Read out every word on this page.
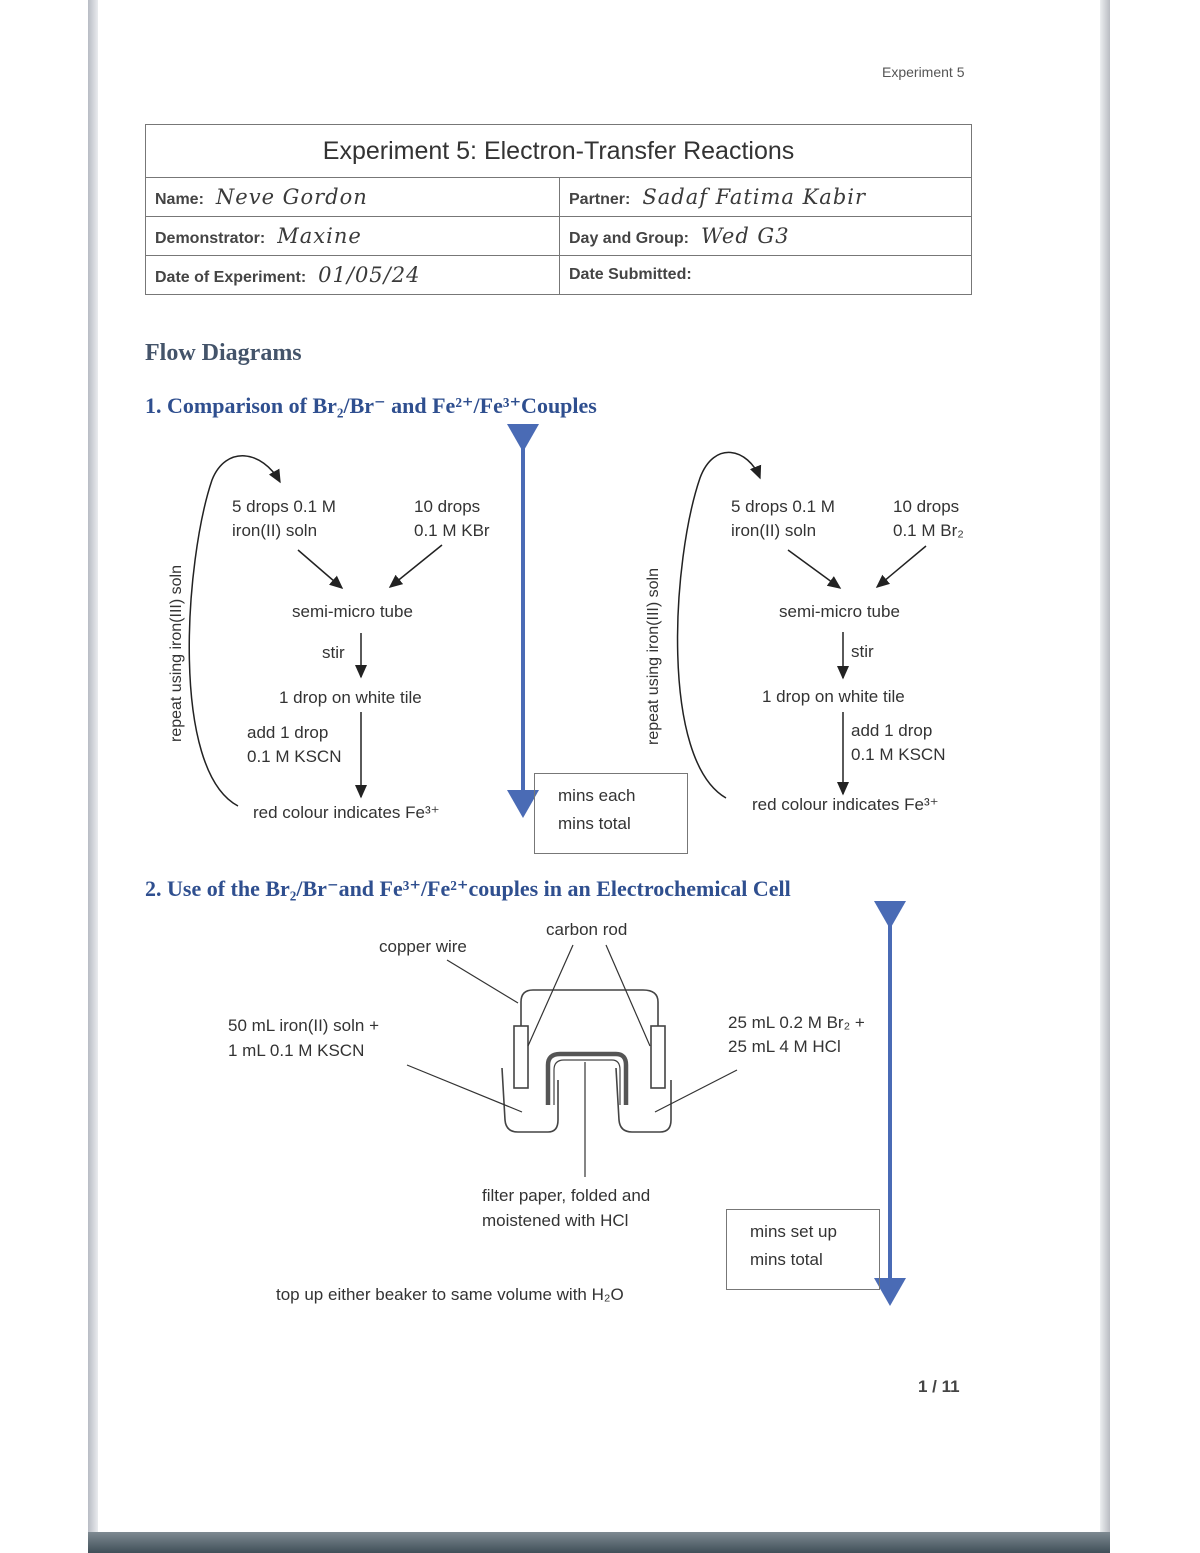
Experiment 5
Experiment 5: Electron-Transfer Reactions	
Name: Neve Gordon	Partner: Sadaf Fatima Kabir
Demonstrator: Maxine	Day and Group: Wed G3
Date of Experiment: 01/05/24	Date Submitted:
Flow Diagrams
1. Comparison of Br₂/Br⁻ and Fe²⁺/Fe³⁺Couples
2. Use of the Br₂/Br⁻and Fe³⁺/Fe²⁺couples in an Electrochemical Cell
repeat using iron(III) soln
5 drops 0.1 M
iron(II) soln
10 drops
0.1 M KBr
semi-micro tube
stir
1 drop on white tile
add 1 drop
0.1 M KSCN
red colour indicates Fe³⁺
repeat using iron(III) soln
5 drops 0.1 M
iron(II) soln
10 drops
0.1 M Br₂
semi-micro tube
stir
1 drop on white tile
add 1 drop
0.1 M KSCN
red colour indicates Fe³⁺
mins each
mins total
carbon rod
copper wire
50 mL iron(II) soln +
1 mL 0.1 M KSCN
25 mL 0.2 M Br₂ +
25 mL 4 M HCl
filter paper, folded and
moistened with HCl
top up either beaker to same volume with H₂O
mins set up
mins total
1 / 11
